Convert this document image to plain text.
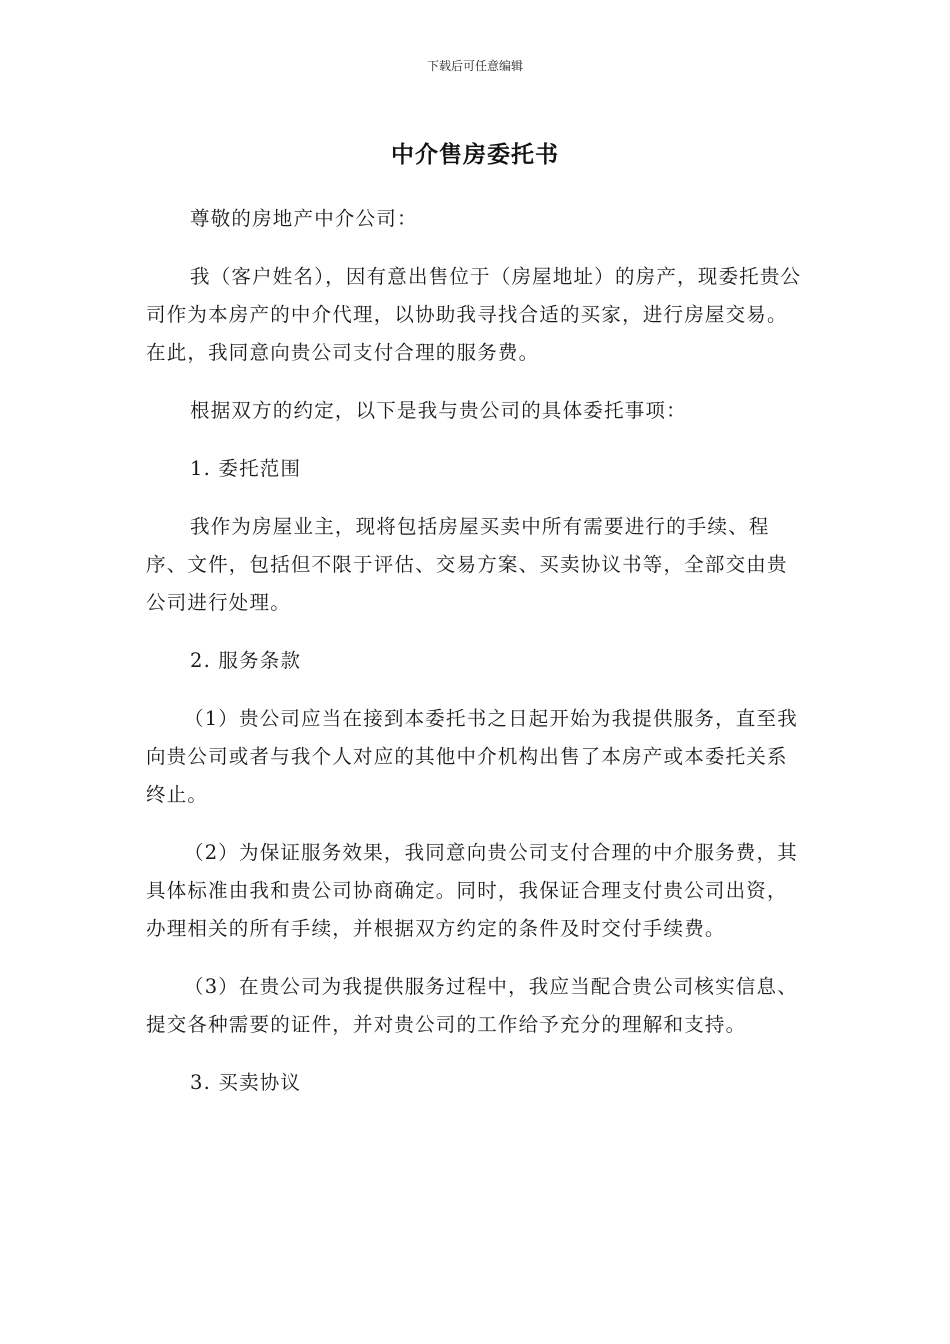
下载后可任意编辑
中介售房委托书

尊敬的房地产中介公司：

我（客户姓名），因有意出售位于（房屋地址）的房产，现委托贵公司作为本房产的中介代理，以协助我寻找合适的买家，进行房屋交易。在此，我同意向贵公司支付合理的服务费。

根据双方的约定，以下是我与贵公司的具体委托事项：

1. 委托范围

我作为房屋业主，现将包括房屋买卖中所有需要进行的手续、程序、文件，包括但不限于评估、交易方案、买卖协议书等，全部交由贵公司进行处理。

2. 服务条款

（1）贵公司应当在接到本委托书之日起开始为我提供服务，直至我向贵公司或者与我个人对应的其他中介机构出售了本房产或本委托关系终止。

（2）为保证服务效果，我同意向贵公司支付合理的中介服务费，其具体标准由我和贵公司协商确定。同时，我保证合理支付贵公司出资，办理相关的所有手续，并根据双方约定的条件及时交付手续费。

（3）在贵公司为我提供服务过程中，我应当配合贵公司核实信息、提交各种需要的证件，并对贵公司的工作给予充分的理解和支持。

3. 买卖协议
